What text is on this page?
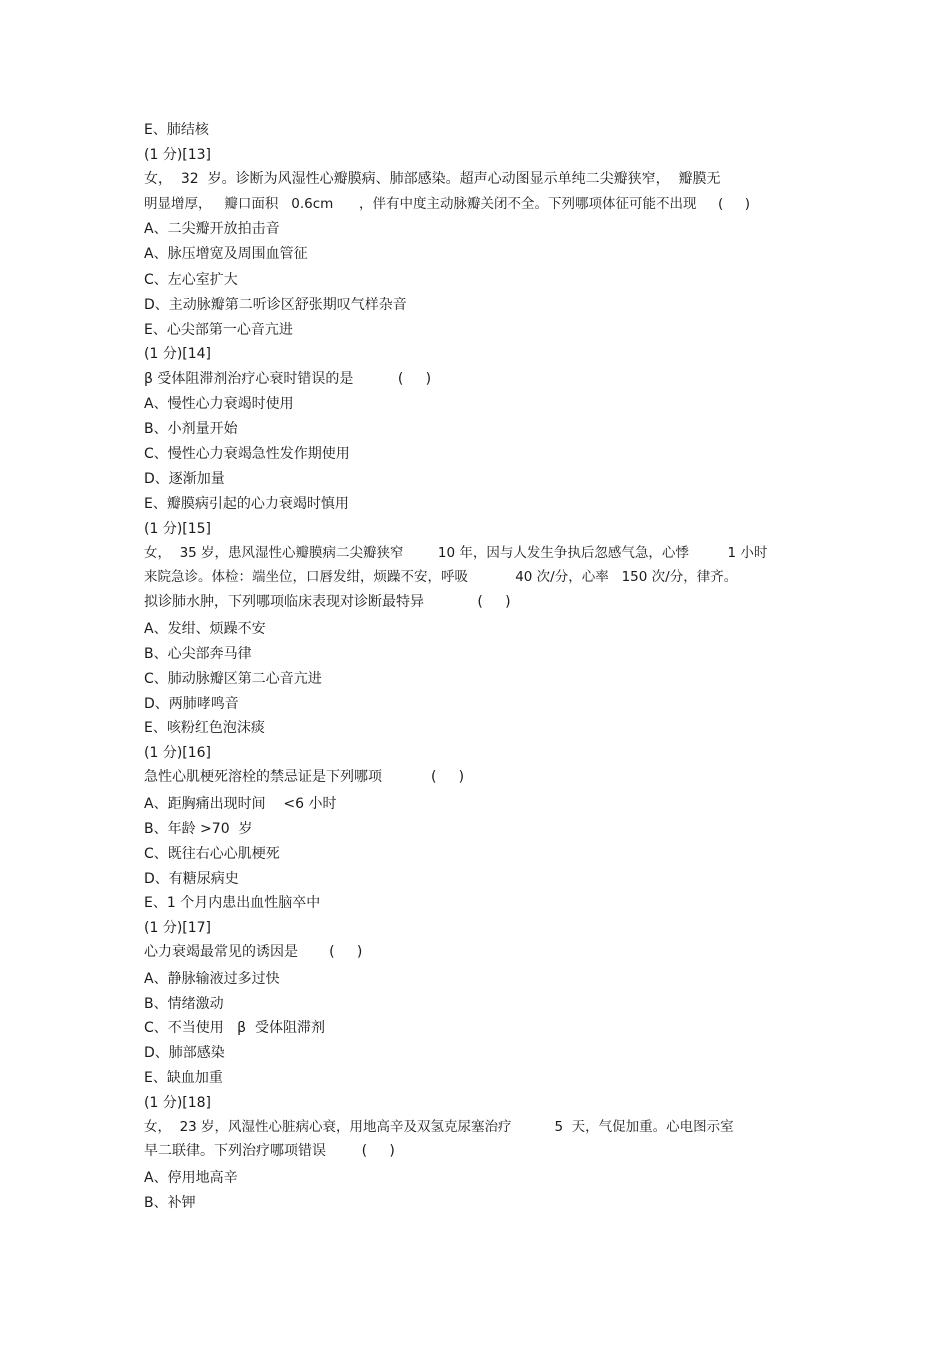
E、肺结核
(1 分)[13]
女，  32  岁。诊断为风湿性心瓣膜病、肺部感染。超声心动图显示单纯二尖瓣狭窄，  瓣膜无
明显增厚，   瓣口面积   0.6cm      ，伴有中度主动脉瓣关闭不全。下列哪项体征可能不出现     (     )
A、二尖瓣开放拍击音
A、脉压增宽及周围血管征
C、左心室扩大
D、主动脉瓣第二听诊区舒张期叹气样杂音
E、心尖部第一心音亢进
(1 分)[14]
β 受体阻滞剂治疗心衰时错误的是          (     )
A、慢性心力衰竭时使用
B、小剂量开始
C、慢性心力衰竭急性发作期使用
D、逐渐加量
E、瓣膜病引起的心力衰竭时慎用
(1 分)[15]
女，  35 岁，患风湿性心瓣膜病二尖瓣狭窄        10 年，因与人发生争执后忽感气急，心悸         1 小时
来院急诊。体检：端坐位，口唇发绀，烦躁不安，呼吸           40 次/分，心率   150 次/分，律齐。
拟诊肺水肿，下列哪项临床表现对诊断最特异            (     )
A、发绀、烦躁不安
B、心尖部奔马律
C、肺动脉瓣区第二心音亢进
D、两肺哮鸣音
E、咳粉红色泡沫痰
(1 分)[16]
急性心肌梗死溶栓的禁忌证是下列哪项           (     )
A、距胸痛出现时间    <6 小时
B、年龄 >70  岁
C、既往右心心肌梗死
D、有糖尿病史
E、1 个月内患出血性脑卒中
(1 分)[17]
心力衰竭最常见的诱因是       (     )
A、静脉输液过多过快
B、情绪激动
C、不当使用   β  受体阻滞剂
D、肺部感染
E、缺血加重
(1 分)[18]
女，  23 岁，风湿性心脏病心衰，用地高辛及双氢克尿塞治疗          5  天，气促加重。心电图示室
早二联律。下列治疗哪项错误        (     )
A、停用地高辛
B、补钾
